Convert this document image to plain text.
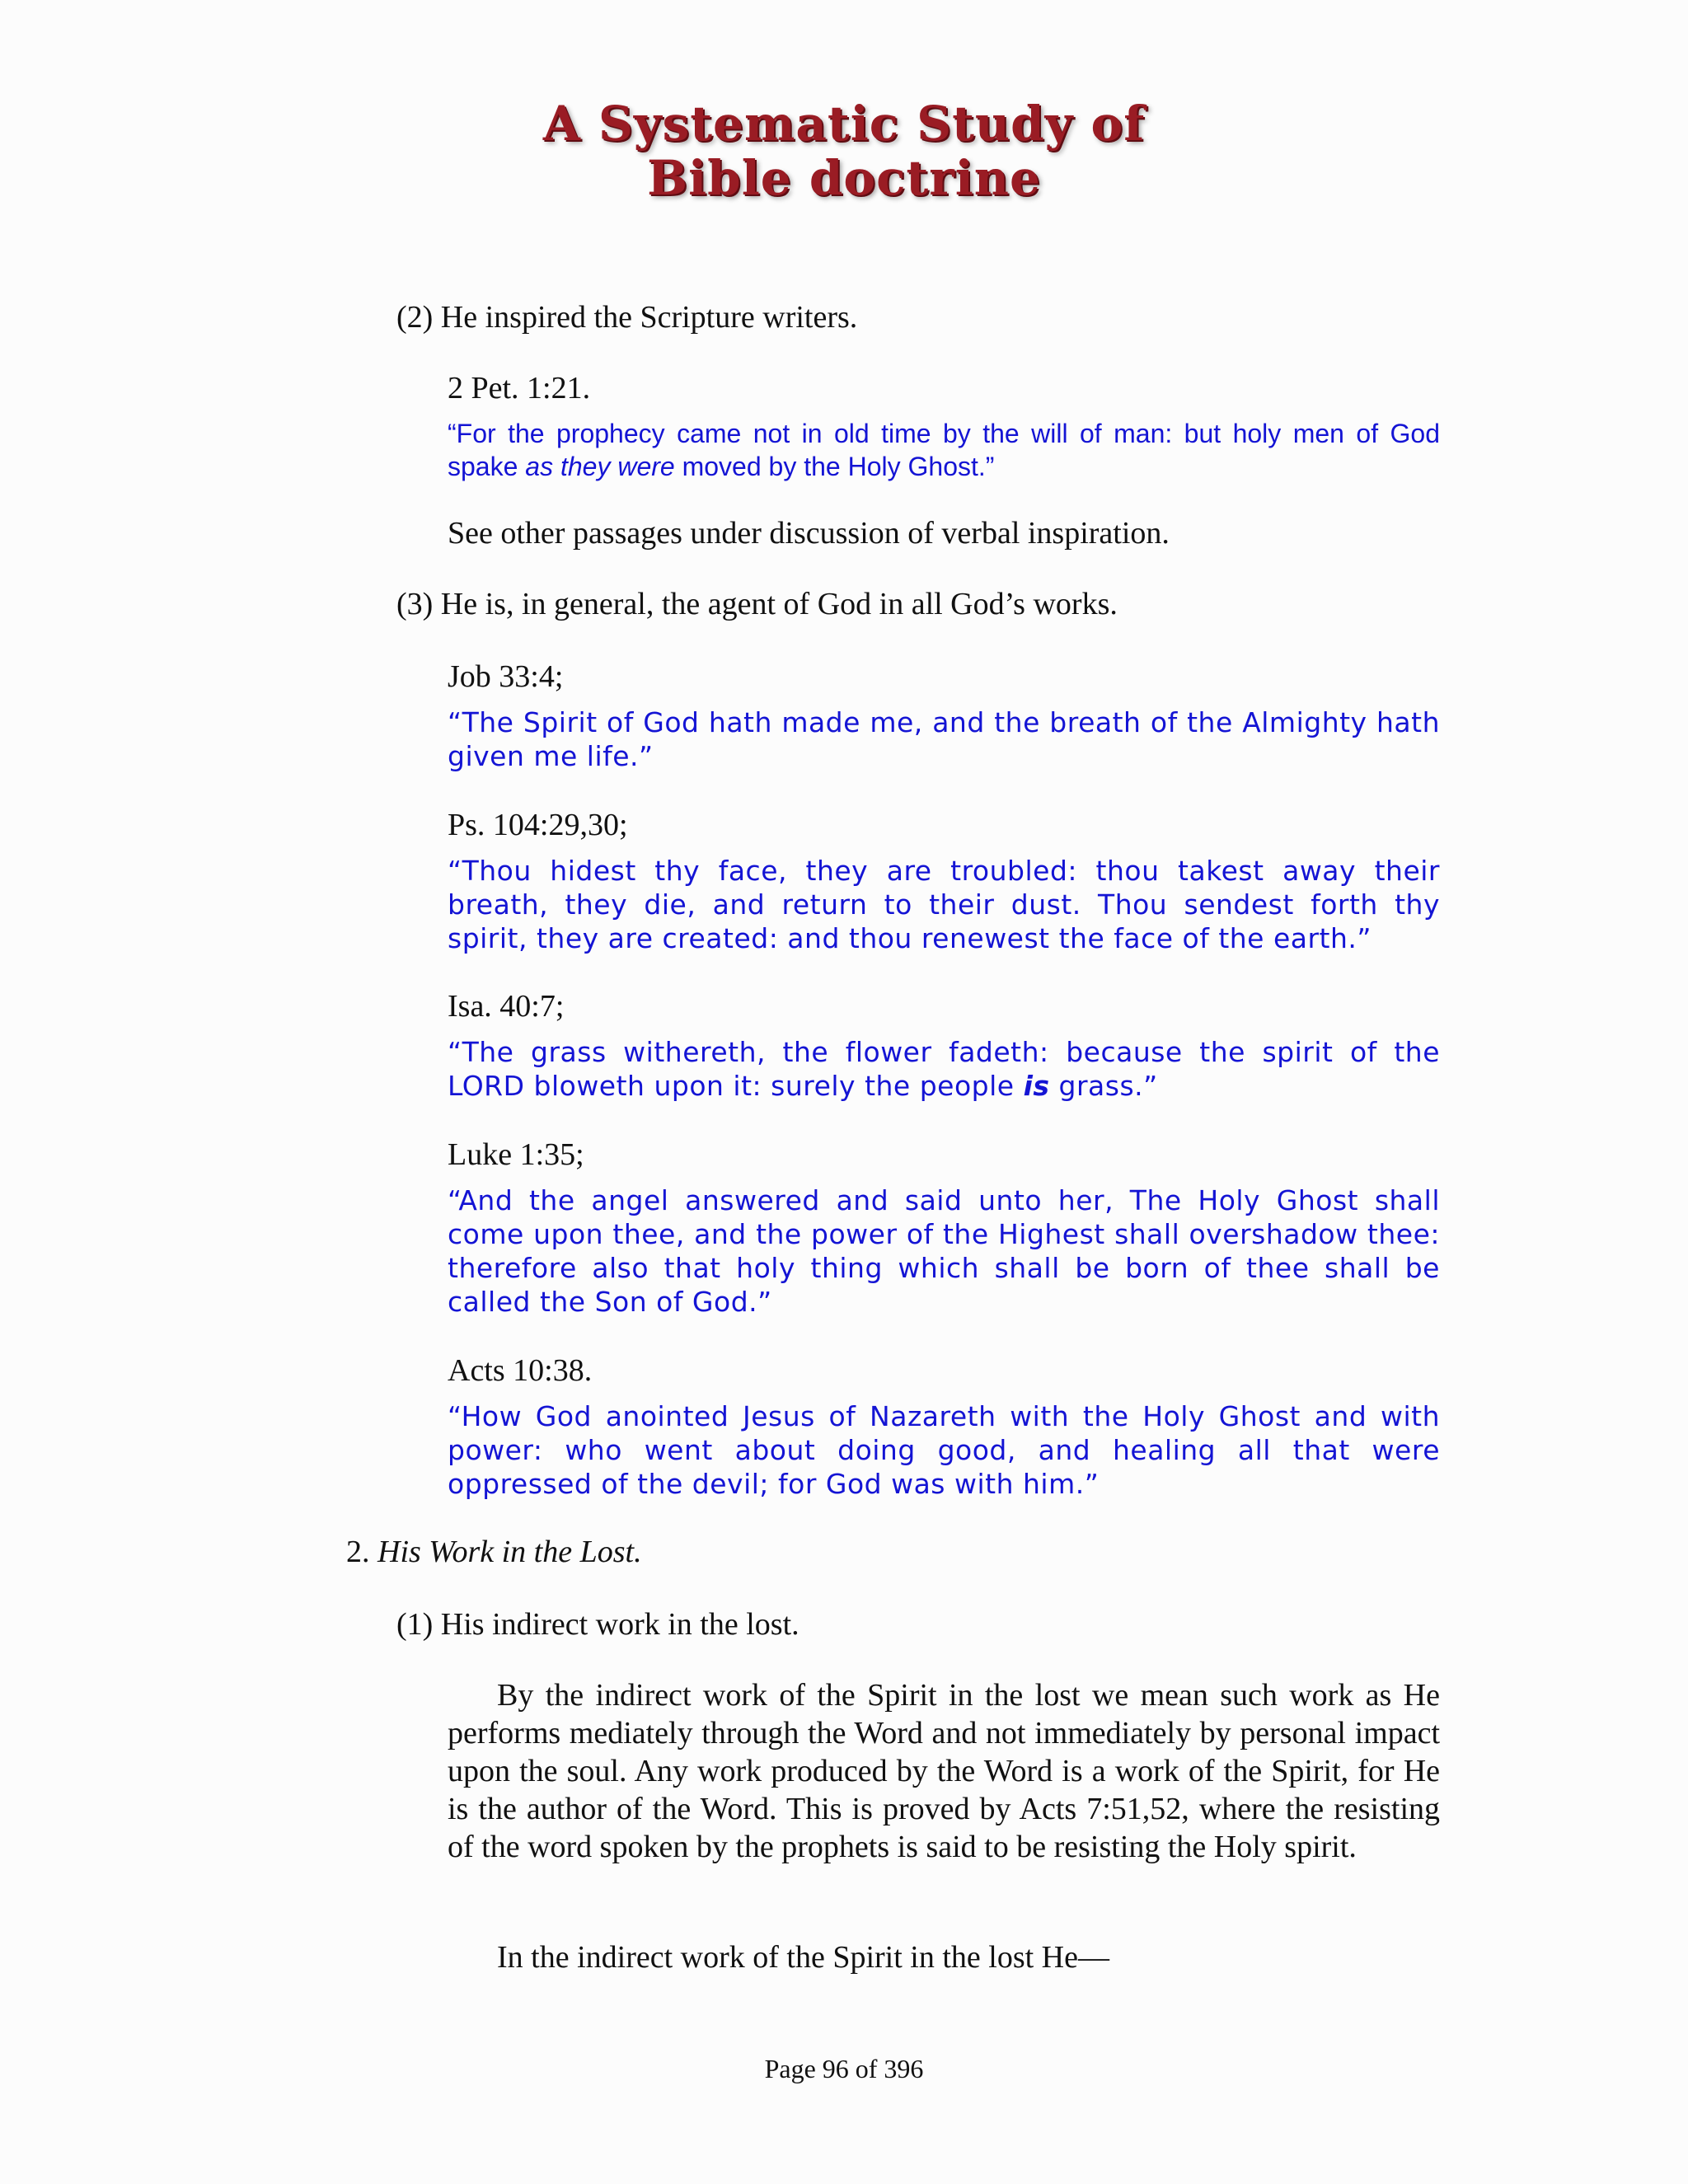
A Systematic Study of
Bible doctrine
(2) He inspired the Scripture writers.
2 Pet. 1:21.
“For the prophecy came not in old time by the will of man: but holy men of God spake as they were moved by the Holy Ghost.”
See other passages under discussion of verbal inspiration.
(3) He is, in general, the agent of God in all God’s works.
Job 33:4;
“The Spirit of God hath made me, and the breath of the Almighty hath given me life.”
Ps. 104:29,30;
“Thou hidest thy face, they are troubled: thou takest away their breath, they die, and return to their dust. Thou sendest forth thy spirit, they are created: and thou renewest the face of the earth.”
Isa. 40:7;
“The grass withereth, the flower fadeth: because the spirit of the LORD bloweth upon it: surely the people is grass.”
Luke 1:35;
“And the angel answered and said unto her, The Holy Ghost shall come upon thee, and the power of the Highest shall overshadow thee: therefore also that holy thing which shall be born of thee shall be called the Son of God.”
Acts 10:38.
“How God anointed Jesus of Nazareth with the Holy Ghost and with power: who went about doing good, and healing all that were oppressed of the devil; for God was with him.”
2. His Work in the Lost.
(1) His indirect work in the lost.
By the indirect work of the Spirit in the lost we mean such work as He performs mediately through the Word and not immediately by personal impact upon the soul. Any work produced by the Word is a work of the Spirit, for He is the author of the Word. This is proved by Acts 7:51,52, where the resisting of the word spoken by the prophets is said to be resisting the Holy spirit.
In the indirect work of the Spirit in the lost He—
Page 96 of 396
